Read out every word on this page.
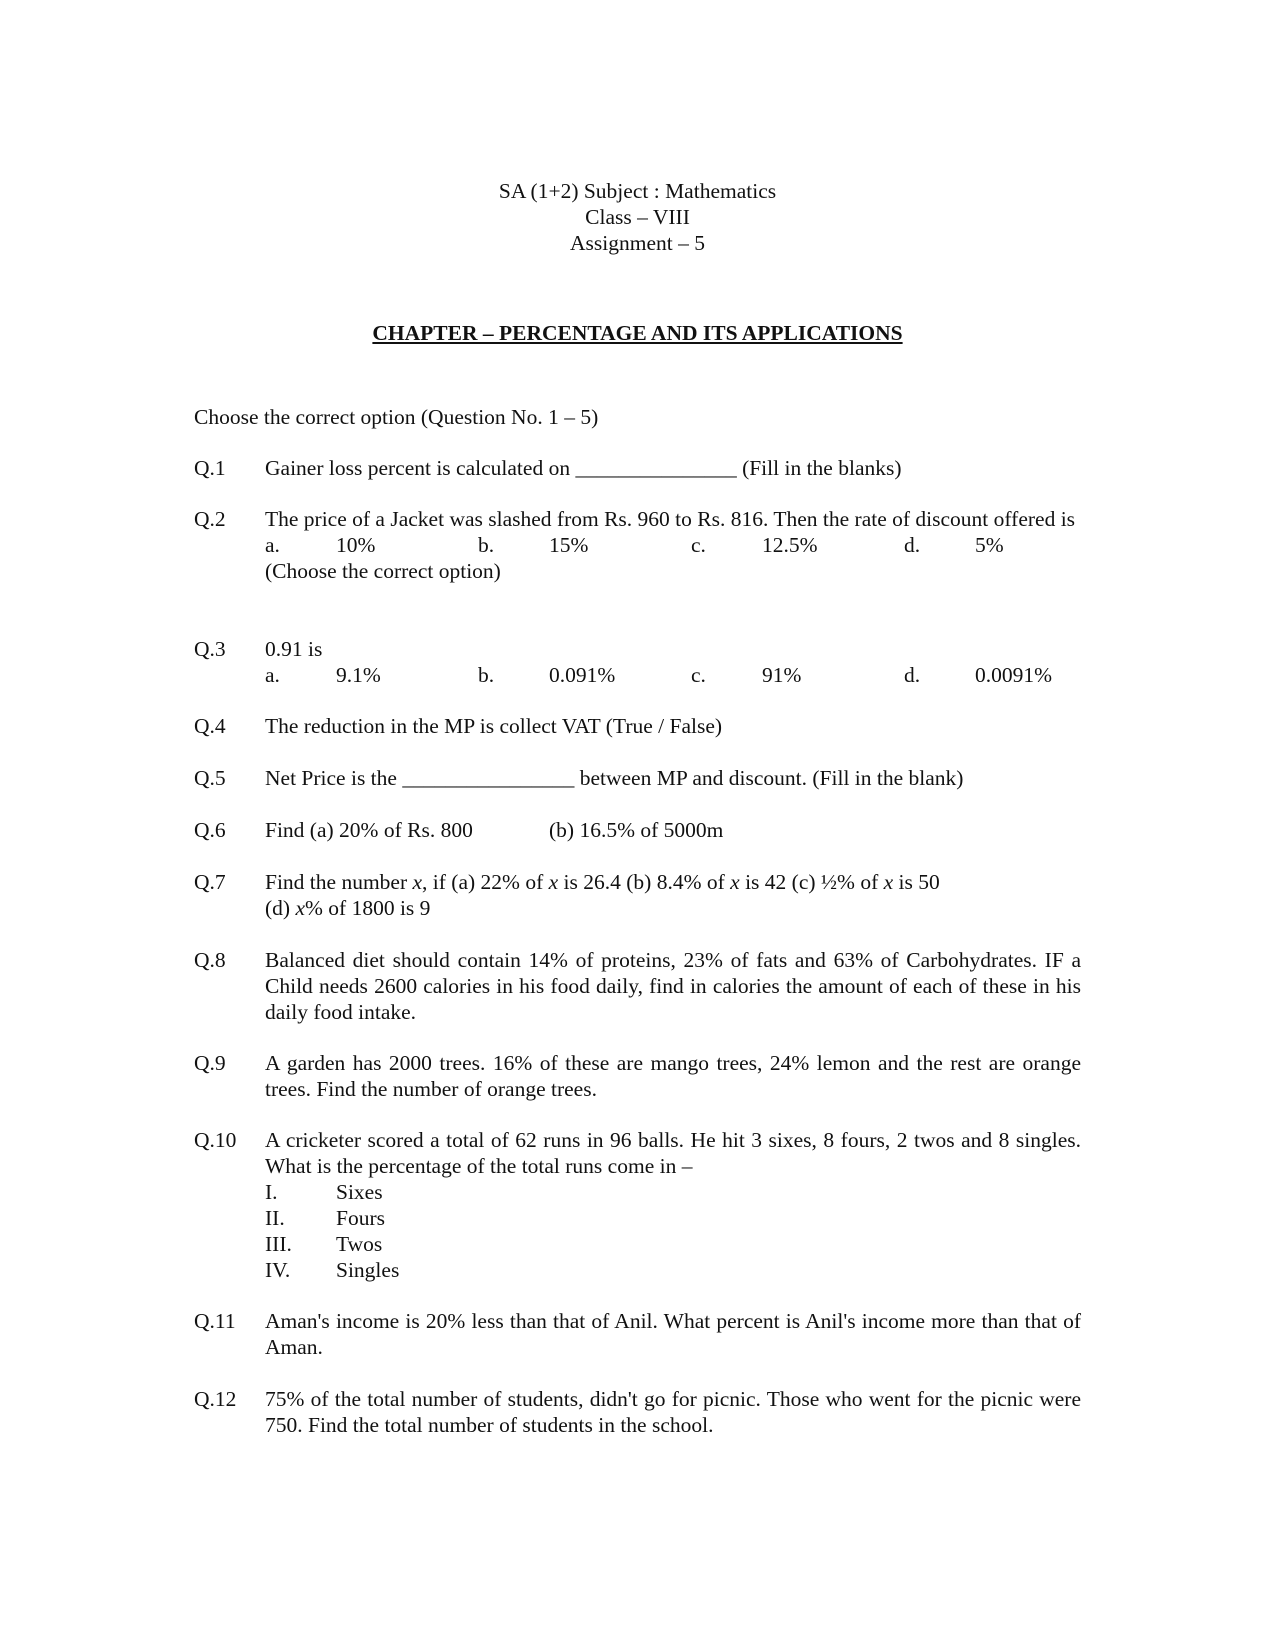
SA (1+2) Subject : Mathematics
Class – VIII
Assignment – 5
CHAPTER – PERCENTAGE AND ITS APPLICATIONS
Choose the correct option (Question No. 1 – 5)
Q.1	Gainer loss percent is calculated on _______________ (Fill in the blanks)
Q.2	The price of a Jacket was slashed from Rs. 960 to Rs. 816. Then the rate of discount offered is
a.	10%	b.	15%	c.	12.5%	d.	5%
(Choose the correct option)
Q.3	0.91 is
a.	9.1%	b.	0.091%	c.	91%	d.	0.0091%
Q.4	The reduction in the MP is collect VAT (True / False)
Q.5	Net Price is the ________________ between MP and discount. (Fill in the blank)
Q.6	Find (a) 20% of Rs. 800	(b) 16.5% of 5000m
Q.7	Find the number x, if (a) 22% of x is 26.4 (b) 8.4% of x is 42 (c) ½% of x is 50
(d) x% of 1800 is 9
Q.8	Balanced diet should contain 14% of proteins, 23% of fats and 63% of Carbohydrates. IF a Child needs 2600 calories in his food daily, find in calories the amount of each of these in his daily food intake.
Q.9	A garden has 2000 trees. 16% of these are mango trees, 24% lemon and the rest are orange trees. Find the number of orange trees.
Q.10	A cricketer scored a total of 62 runs in 96 balls. He hit 3 sixes, 8 fours, 2 twos and 8 singles. What is the percentage of the total runs come in –
I.	Sixes
II. Fours
III. Twos
IV. Singles
Q.11	Aman's income is 20% less than that of Anil. What percent is Anil's income more than that of Aman.
Q.12	75% of the total number of students, didn't go for picnic. Those who went for the picnic were 750. Find the total number of students in the school.
